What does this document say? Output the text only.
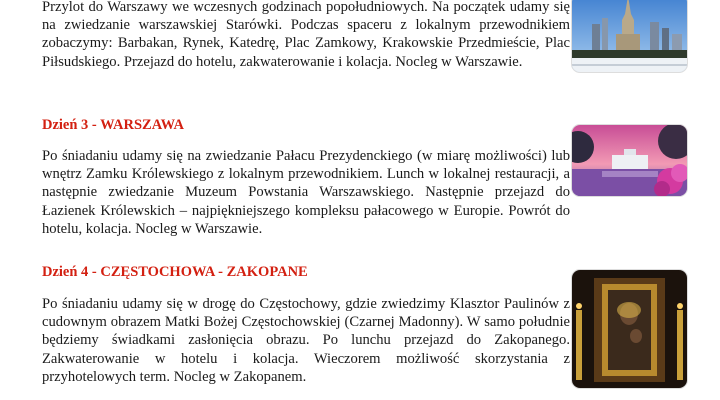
Przylot do Warszawy we wczesnych godzinach popołudniowych. Na początek udamy się na zwiedzanie warszawskiej Starówki. Podczas spaceru z lokalnym przewodnikiem zobaczymy: Barbakan, Rynek, Katedrę, Plac Zamkowy, Krakowskie Przedmieście, Plac Piłsudskiego. Przejazd do hotelu, zakwaterowanie i kolacja. Nocleg w Warszawie.
Dzień 3 - WARSZAWA
Po śniadaniu udamy się na zwiedzanie Pałacu Prezydenckiego (w miarę możliwości) lub wnętrz Zamku Królewskiego z lokalnym przewodnikiem. Lunch w lokalnej restauracji, a następnie zwiedzanie Muzeum Powstania Warszawskiego. Następnie przejazd do Łazienek Królewskich – najpiękniejszego kompleksu pałacowego w Europie. Powrót do hotelu, kolacja. Nocleg w Warszawie.
Dzień 4 - CZĘSTOCHOWA - ZAKOPANE
Po śniadaniu udamy się w drogę do Częstochowy, gdzie zwiedzimy Klasztor Paulinów z cudownym obrazem Matki Bożej Częstochowskiej (Czarnej Madonny). W samo południe będziemy świadkami zasłonięcia obrazu. Po lunchu przejazd do Zakopanego. Zakwaterowanie w hotelu i kolacja. Wieczorem możliwość skorzystania z przyhotelowych term. Nocleg w Zakopanem.
